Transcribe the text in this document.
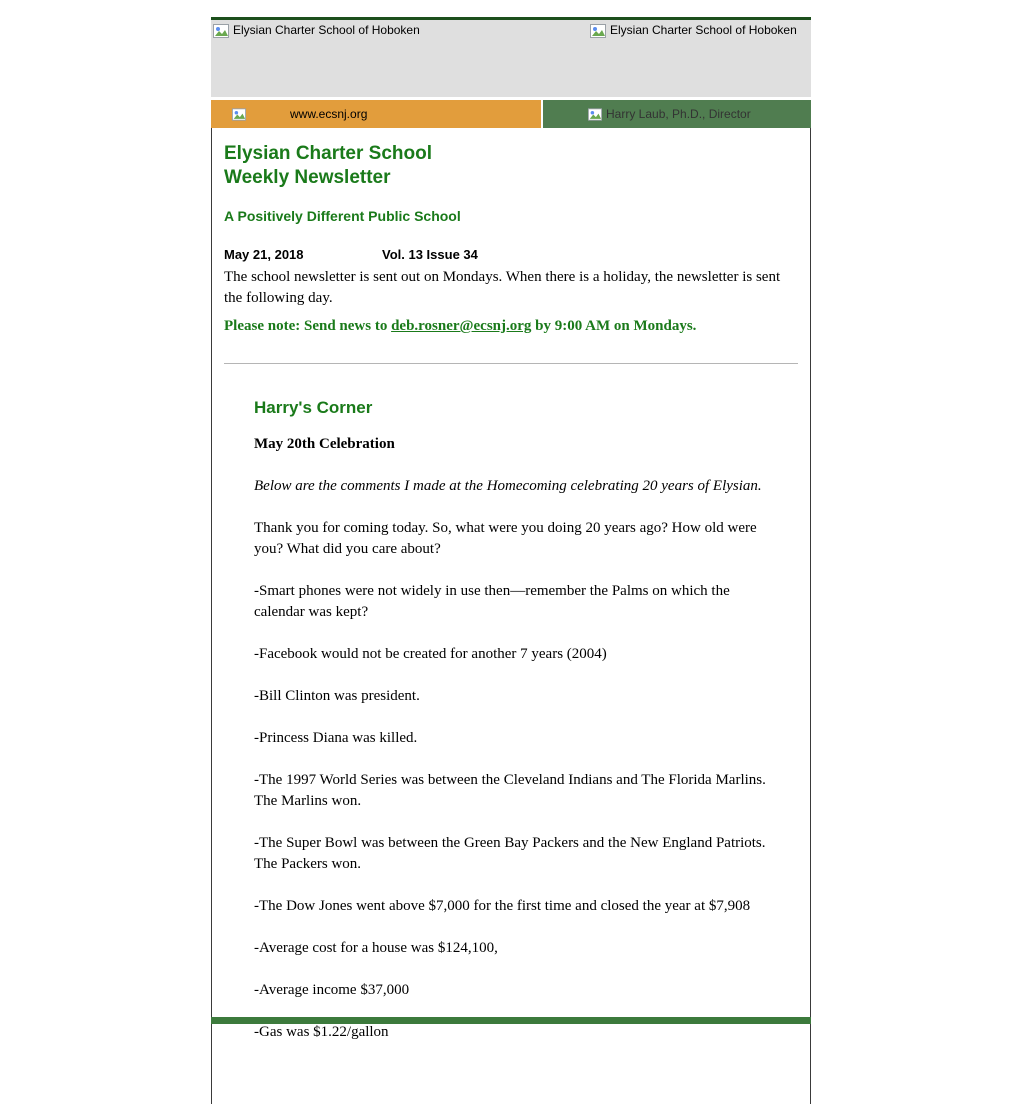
Elysian Charter School of Hoboken	Elysian Charter School of Hoboken
www.ecsnj.org	Harry Laub, Ph.D., Director
Elysian Charter School
Weekly Newsletter
A Positively Different Public School
May 21, 2018	Vol. 13 Issue 34

The school newsletter is sent out on Mondays. When there is a holiday, the newsletter is sent the following day.

Please note: Send news to deb.rosner@ecsnj.org by 9:00 AM on Mondays.

Harry's Corner

May 20th Celebration

Below are the comments I made at the Homecoming celebrating 20 years of Elysian.

Thank you for coming today. So, what were you doing 20 years ago? How old were you? What did you care about?

-Smart phones were not widely in use then—remember the Palms on which the calendar was kept?

-Facebook would not be created for another 7 years (2004)

-Bill Clinton was president.

-Princess Diana was killed.

-The 1997 World Series was between the Cleveland Indians and The Florida Marlins. The Marlins won.

-The Super Bowl was between the Green Bay Packers and the New England Patriots. The Packers won.

-The Dow Jones went above $7,000 for the first time and closed the year at $7,908

-Average cost for a house was $124,100,

-Average income $37,000

-Gas was $1.22/gallon
